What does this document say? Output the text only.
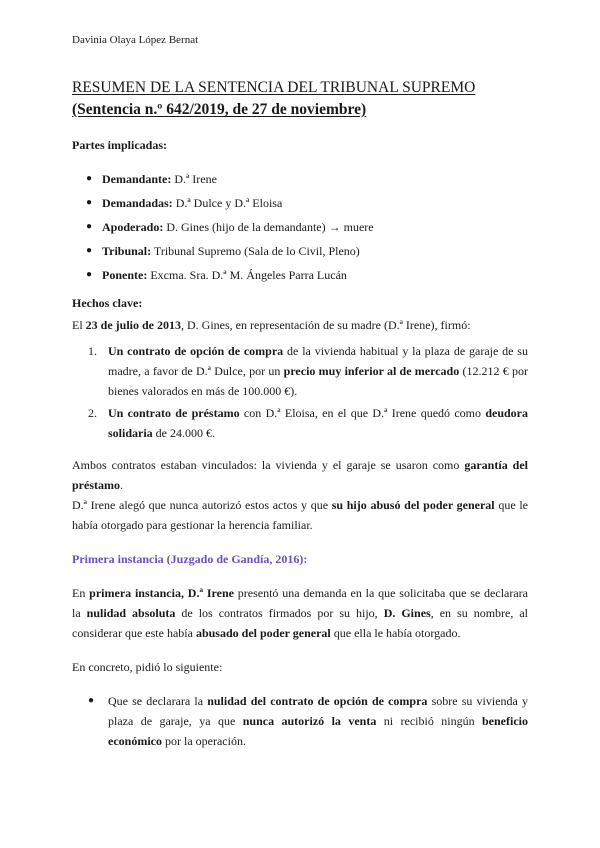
Davinia Olaya López Bernat

RESUMEN DE LA SENTENCIA DEL TRIBUNAL SUPREMO (Sentencia n.º 642/2019, de 27 de noviembre)

Partes implicadas:

● Demandante: D.ª Irene
● Demandadas: D.ª Dulce y D.ª Eloisa
● Apoderado: D. Gines (hijo de la demandante) → muere
● Tribunal: Tribunal Supremo (Sala de lo Civil, Pleno)
● Ponente: Excma. Sra. D.ª M. Ángeles Parra Lucán

Hechos clave:

El 23 de julio de 2013, D. Gines, en representación de su madre (D.ª Irene), firmó:

1. Un contrato de opción de compra de la vivienda habitual y la plaza de garaje de su madre, a favor de D.ª Dulce, por un precio muy inferior al de mercado (12.212 € por bienes valorados en más de 100.000 €).
2. Un contrato de préstamo con D.ª Eloisa, en el que D.ª Irene quedó como deudora solidaria de 24.000 €.

Ambos contratos estaban vinculados: la vivienda y el garaje se usaron como garantía del préstamo.

D.ª Irene alegó que nunca autorizó estos actos y que su hijo abusó del poder general que le había otorgado para gestionar la herencia familiar.

Primera instancia (Juzgado de Gandía, 2016):

En primera instancia, D.ª Irene presentó una demanda en la que solicitaba que se declarara la nulidad absoluta de los contratos firmados por su hijo, D. Gines, en su nombre, al considerar que este había abusado del poder general que ella le había otorgado.

En concreto, pidió lo siguiente:

● Que se declarara la nulidad del contrato de opción de compra sobre su vivienda y plaza de garaje, ya que nunca autorizó la venta ni recibió ningún beneficio económico por la operación.
